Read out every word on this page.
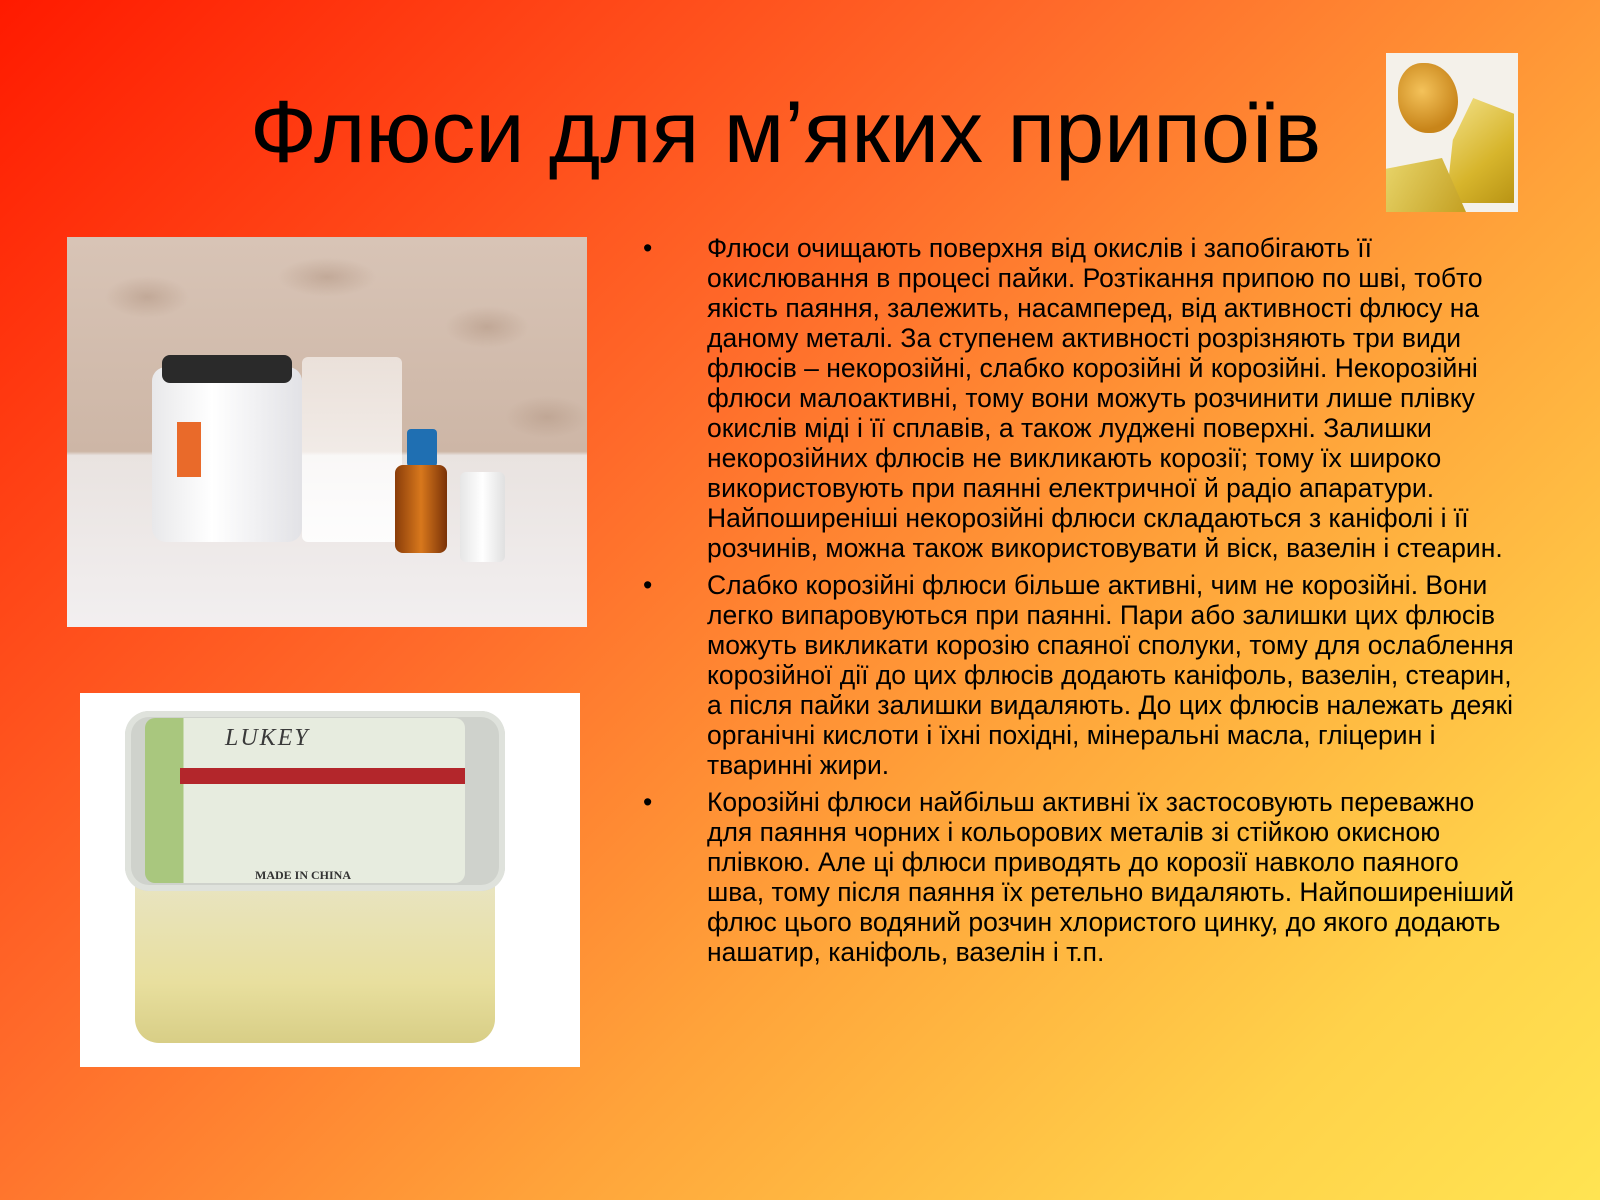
Флюси для м’яких припоїв
LUKEY
MADE IN CHINA
•	Флюси очищають поверхня від окислів і запобігають її окислювання в процесі пайки. Розтікання припою по шві, тобто якість паяння, залежить, насамперед, від активності флюсу на даному металі. За ступенем активності розрізняють три види флюсів – некорозійні, слабко корозійні й корозійні. Некорозійні флюси малоактивні, тому вони можуть розчинити лише плівку окислів міді і її сплавів, а також луджені поверхні. Залишки некорозійних флюсів не викликають корозії; тому їх широко використовують при паянні електричної й радіо апаратури. Найпоширеніші некорозійні флюси складаються з каніфолі і її розчинів, можна також використовувати й віск, вазелін і стеарин.
•	Слабко корозійні флюси більше активні, чим не корозійні. Вони легко випаровуються при паянні. Пари або залишки цих флюсів можуть викликати корозію спаяної сполуки, тому для ослаблення корозійної дії до цих флюсів додають каніфоль, вазелін, стеарин, а після пайки залишки видаляють. До цих флюсів належать деякі органічні кислоти і їхні похідні, мінеральні масла, гліцерин і тваринні жири.
•	Корозійні флюси найбільш активні їх застосовують переважно для паяння чорних і кольорових металів зі стійкою окисною плівкою. Але ці флюси приводять до корозії навколо паяного шва, тому після паяння їх ретельно видаляють. Найпоширеніший флюс цього водяний розчин хлористого цинку, до якого додають нашатир, каніфоль, вазелін і т.п.
